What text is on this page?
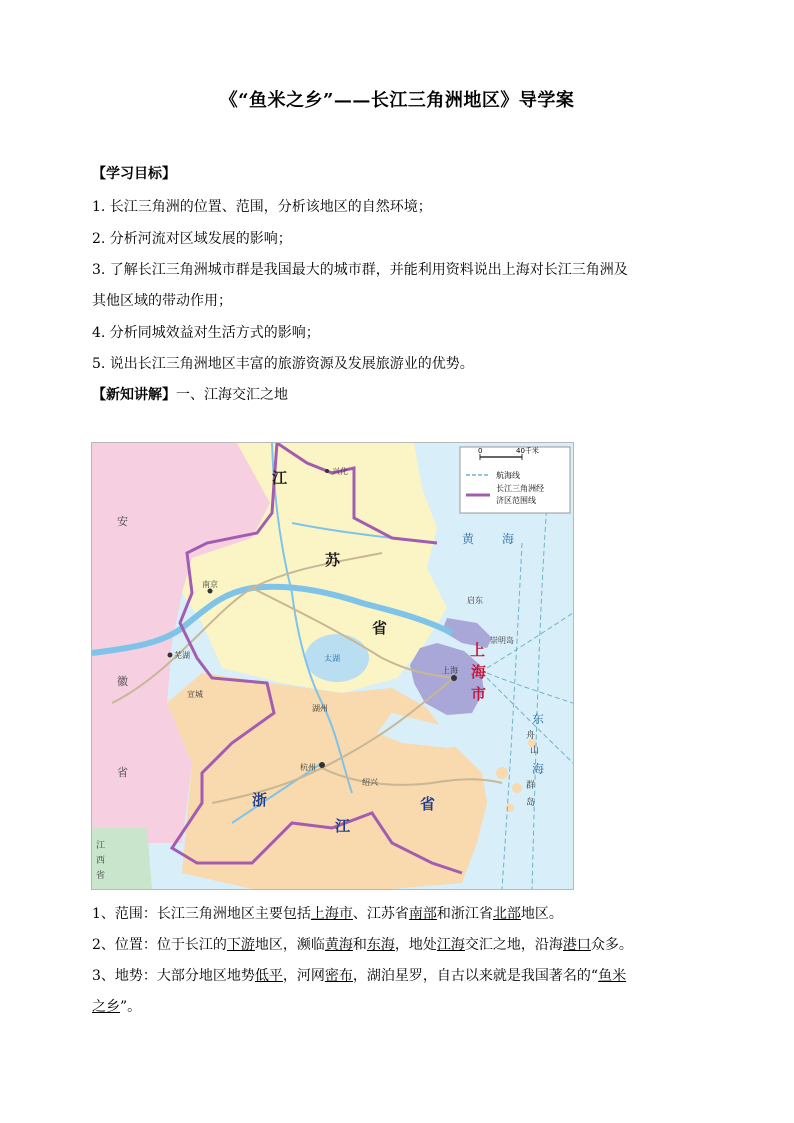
《“鱼米之乡”——长江三角洲地区》导学案
【学习目标】
1. 长江三角洲的位置、范围，分析该地区的自然环境；
2. 分析河流对区域发展的影响；
3. 了解长江三角洲城市群是我国最大的城市群，并能利用资料说出上海对长江三角洲及
其他区域的带动作用；
4. 分析同城效益对生活方式的影响；
5. 说出长江三角洲地区丰富的旅游资源及发展旅游业的优势。
【新知讲解】一、江海交汇之地
0	40千米
航海线
长江三角洲经
济区范围线
江
苏
省
浙
江
省
上
海
市
安
徽
省
江
西
省
南京
上海
杭州
芜湖
宣城
兴化
启东
湖州
绍兴
崇明岛
太湖
黄 海
东
海
舟
山
群
岛
1、范围：长江三角洲地区主要包括上海市、江苏省南部和浙江省北部地区。
2、位置：位于长江的下游地区，濒临黄海和东海，地处江海交汇之地，沿海港口众多。
3、地势：大部分地区地势低平，河网密布，湖泊星罗，自古以来就是我国著名的“鱼米
之乡”。
